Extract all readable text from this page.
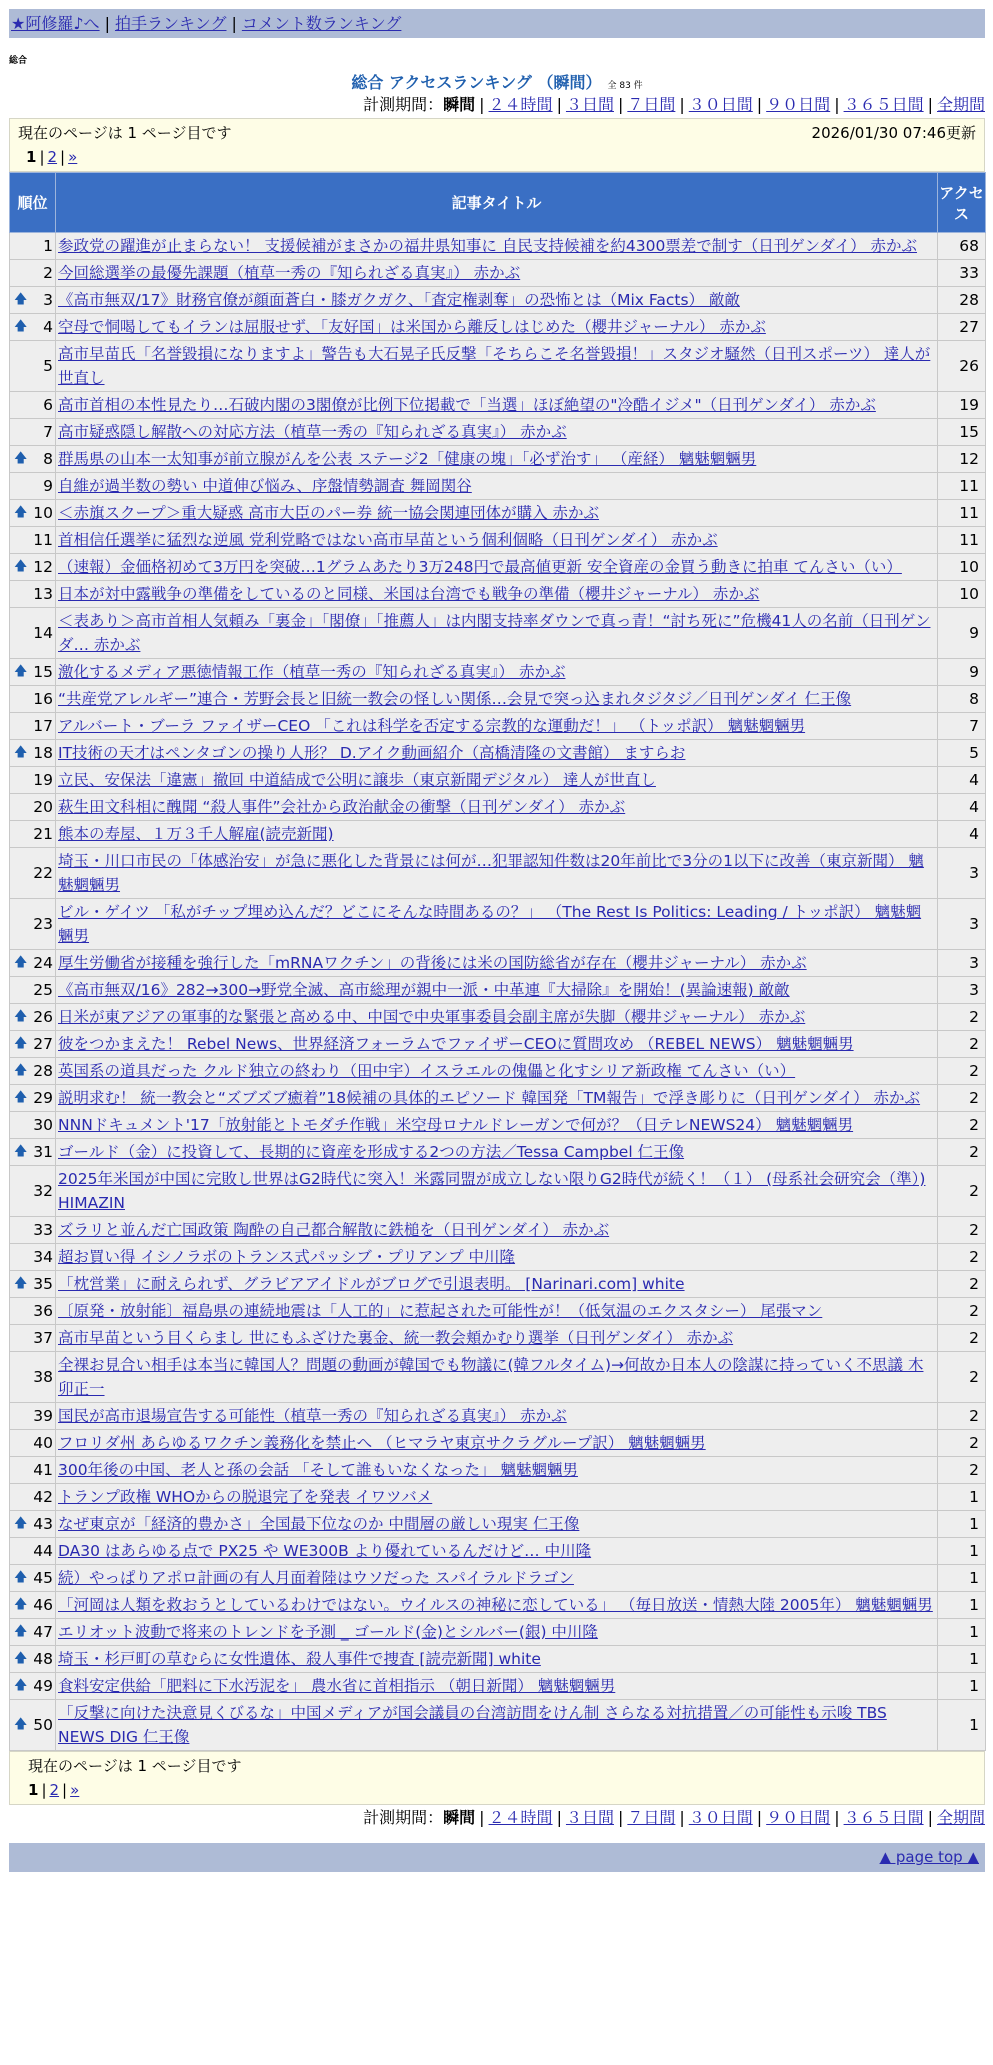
★阿修羅♪へ | 拍手ランキング | コメント数ランキング
総合
総合 アクセスランキング （瞬間） 全 83 件
計測期間：瞬間 | ２４時間 | ３日間 | ７日間 | ３０日間 | ９０日間 | ３６５日間 | 全期間
現在のページは 1 ページ目です	2026/01/30 07:46更新
1 | 2 | »
順位	記事タイトル	アクセス
1	参政党の躍進が止まらない！ 支援候補がまさかの福井県知事に 自民支持候補を約4300票差で制す（日刊ゲンダイ） 赤かぶ	68
2	今回総選挙の最優先課題（植草一秀の『知られざる真実』） 赤かぶ	33

🡅 3	《高市無双/17》財務官僚が顔面蒼白・膝ガクガク、「査定権剥奪」の恐怖とは（Mix Facts） 敵敵	28

🡅 4	空母で恫喝してもイランは屈服せず、「友好国」は米国から離反しはじめた（櫻井ジャーナル） 赤かぶ	27
5	高市早苗氏「名誉毀損になりますよ」警告も大石晃子氏反撃「そちらこそ名誉毀損！」スタジオ騒然（日刊スポーツ） 達人が世直し	26
6	高市首相の本性見たり…石破内閣の3閣僚が比例下位掲載で「当選」ほぼ絶望の"冷酷イジメ"（日刊ゲンダイ） 赤かぶ	19
7	高市疑惑隠し解散への対応方法（植草一秀の『知られざる真実』） 赤かぶ	15

🡅 8	群馬県の山本一太知事が前立腺がんを公表 ステージ2「健康の塊」「必ず治す」 （産経） 魑魅魍魎男	12
9	自維が過半数の勢い 中道伸び悩み、序盤情勢調査 舞岡関谷	11

🡅 10	＜赤旗スクープ＞重大疑惑 高市大臣のパー券 統一協会関連団体が購入 赤かぶ	11
11	首相信任選挙に猛烈な逆風 党利党略ではない高市早苗という個利個略（日刊ゲンダイ） 赤かぶ	11

🡅 12	（速報）金価格初めて3万円を突破…1グラムあたり3万248円で最高値更新 安全資産の金買う動きに拍車 てんさい（い）	10
13	日本が対中露戦争の準備をしているのと同様、米国は台湾でも戦争の準備（櫻井ジャーナル） 赤かぶ	10
14	＜表あり＞高市首相人気頼み「裏金」「閣僚」「推薦人」は内閣支持率ダウンで真っ青！“討ち死に”危機41人の名前（日刊ゲンダ… 赤かぶ	9

🡅 15	激化するメディア悪徳情報工作（植草一秀の『知られざる真実』） 赤かぶ	9
16	“共産党アレルギー”連合・芳野会長と旧統一教会の怪しい関係…会見で突っ込まれタジタジ／日刊ゲンダイ 仁王像	8
17	アルバート・ブーラ ファイザーCEO 「これは科学を否定する宗教的な運動だ！」 （トッポ訳） 魑魅魍魎男	7

🡅 18	IT技術の天才はペンタゴンの操り人形？ D.アイク動画紹介（高橋清隆の文書館） ますらお	5
19	立民、安保法「違憲」撤回 中道結成で公明に譲歩（東京新聞デジタル） 達人が世直し	4
20	萩生田文科相に醜聞 “殺人事件”会社から政治献金の衝撃（日刊ゲンダイ） 赤かぶ	4
21	熊本の寿屋、１万３千人解雇(読売新聞)	4
22	埼玉・川口市民の「体感治安」が急に悪化した背景には何が…犯罪認知件数は20年前比で3分の1以下に改善（東京新聞） 魑魅魍魎男	3
23	ビル・ゲイツ 「私がチップ埋め込んだ？どこにそんな時間あるの？」 （The Rest Is Politics: Leading / トッポ訳） 魑魅魍魎男	3

🡅 24	厚生労働省が接種を強行した「mRNAワクチン」の背後には米の国防総省が存在（櫻井ジャーナル） 赤かぶ	3
25	《高市無双/16》282→300→野党全滅、高市総理が親中一派・中革連『大掃除』を開始！(異論速報) 敵敵	3

🡅 26	日米が東アジアの軍事的な緊張と高める中、中国で中央軍事委員会副主席が失脚（櫻井ジャーナル） 赤かぶ	2

🡅 27	彼をつかまえた！ Rebel News、世界経済フォーラムでファイザーCEOに質問攻め （REBEL NEWS） 魑魅魍魎男	2

🡅 28	英国系の道具だった クルド独立の終わり（田中宇）イスラエルの傀儡と化すシリア新政権 てんさい（い）	2

🡅 29	説明求む！ 統一教会と“ズブズブ癒着”18候補の具体的エピソード 韓国発「TM報告」で浮き彫りに（日刊ゲンダイ） 赤かぶ	2
30	NNNドキュメント'17「放射能とトモダチ作戦」米空母ロナルドレーガンで何が？（日テレNEWS24） 魑魅魍魎男	2

🡅 31	ゴールド（金）に投資して、長期的に資産を形成する2つの方法／Tessa Campbel 仁王像	2
32	2025年米国が中国に完敗し世界はG2時代に突入！米露同盟が成立しない限りG2時代が続く！（１） (母系社会研究会（準）) HIMAZIN	2
33	ズラリと並んだ亡国政策 陶酔の自己都合解散に鉄槌を（日刊ゲンダイ） 赤かぶ	2
34	超お買い得 イシノラボのトランス式パッシブ・プリアンプ 中川隆	2

🡅 35	「枕営業」に耐えられず、グラビアアイドルがブログで引退表明。 [Narinari.com] white	2
36	〔原発・放射能〕福島県の連続地震は「人工的」に惹起された可能性が！（低気温のエクスタシー） 尾張マン	2
37	高市早苗という目くらまし 世にもふざけた裏金、統一教会頬かむり選挙（日刊ゲンダイ） 赤かぶ	2
38	全裸お見合い相手は本当に韓国人？問題の動画が韓国でも物議に(韓フルタイム)→何故か日本人の陰謀に持っていく不思議 木卯正一	2
39	国民が高市退場宣告する可能性（植草一秀の『知られざる真実』） 赤かぶ	2
40	フロリダ州 あらゆるワクチン義務化を禁止へ （ヒマラヤ東京サクラグループ訳） 魑魅魍魎男	2
41	300年後の中国、老人と孫の会話 「そして誰もいなくなった」 魑魅魍魎男	2
42	トランプ政権 WHOからの脱退完了を発表 イワツバメ	1

🡅 43	なぜ東京が「経済的豊かさ」全国最下位なのか 中間層の厳しい現実 仁王像	1
44	DA30 はあらゆる点で PX25 や WE300B より優れているんだけど… 中川隆	1

🡅 45	続）やっぱりアポロ計画の有人月面着陸はウソだった スパイラルドラゴン	1

🡅 46	「河岡は人類を救おうとしているわけではない。ウイルスの神秘に恋している」 （毎日放送・情熱大陸 2005年） 魑魅魍魎男	1

🡅 47	エリオット波動で将来のトレンドを予測 _ ゴールド(金)とシルバー(銀) 中川隆	1

🡅 48	埼玉・杉戸町の草むらに女性遺体、殺人事件で捜査 [読売新聞] white	1

🡅 49	食料安定供給「肥料に下水汚泥を」 農水省に首相指示 （朝日新聞） 魑魅魍魎男	1

🡅 50	「反撃に向けた決意見くびるな」中国メディアが国会議員の台湾訪問をけん制 さらなる対抗措置／の可能性も示唆 TBS NEWS DIG 仁王像	1
現在のページは 1 ページ目です
1 | 2 | »
計測期間：瞬間 | ２４時間 | ３日間 | ７日間 | ３０日間 | ９０日間 | ３６５日間 | 全期間
▲ page top ▲
